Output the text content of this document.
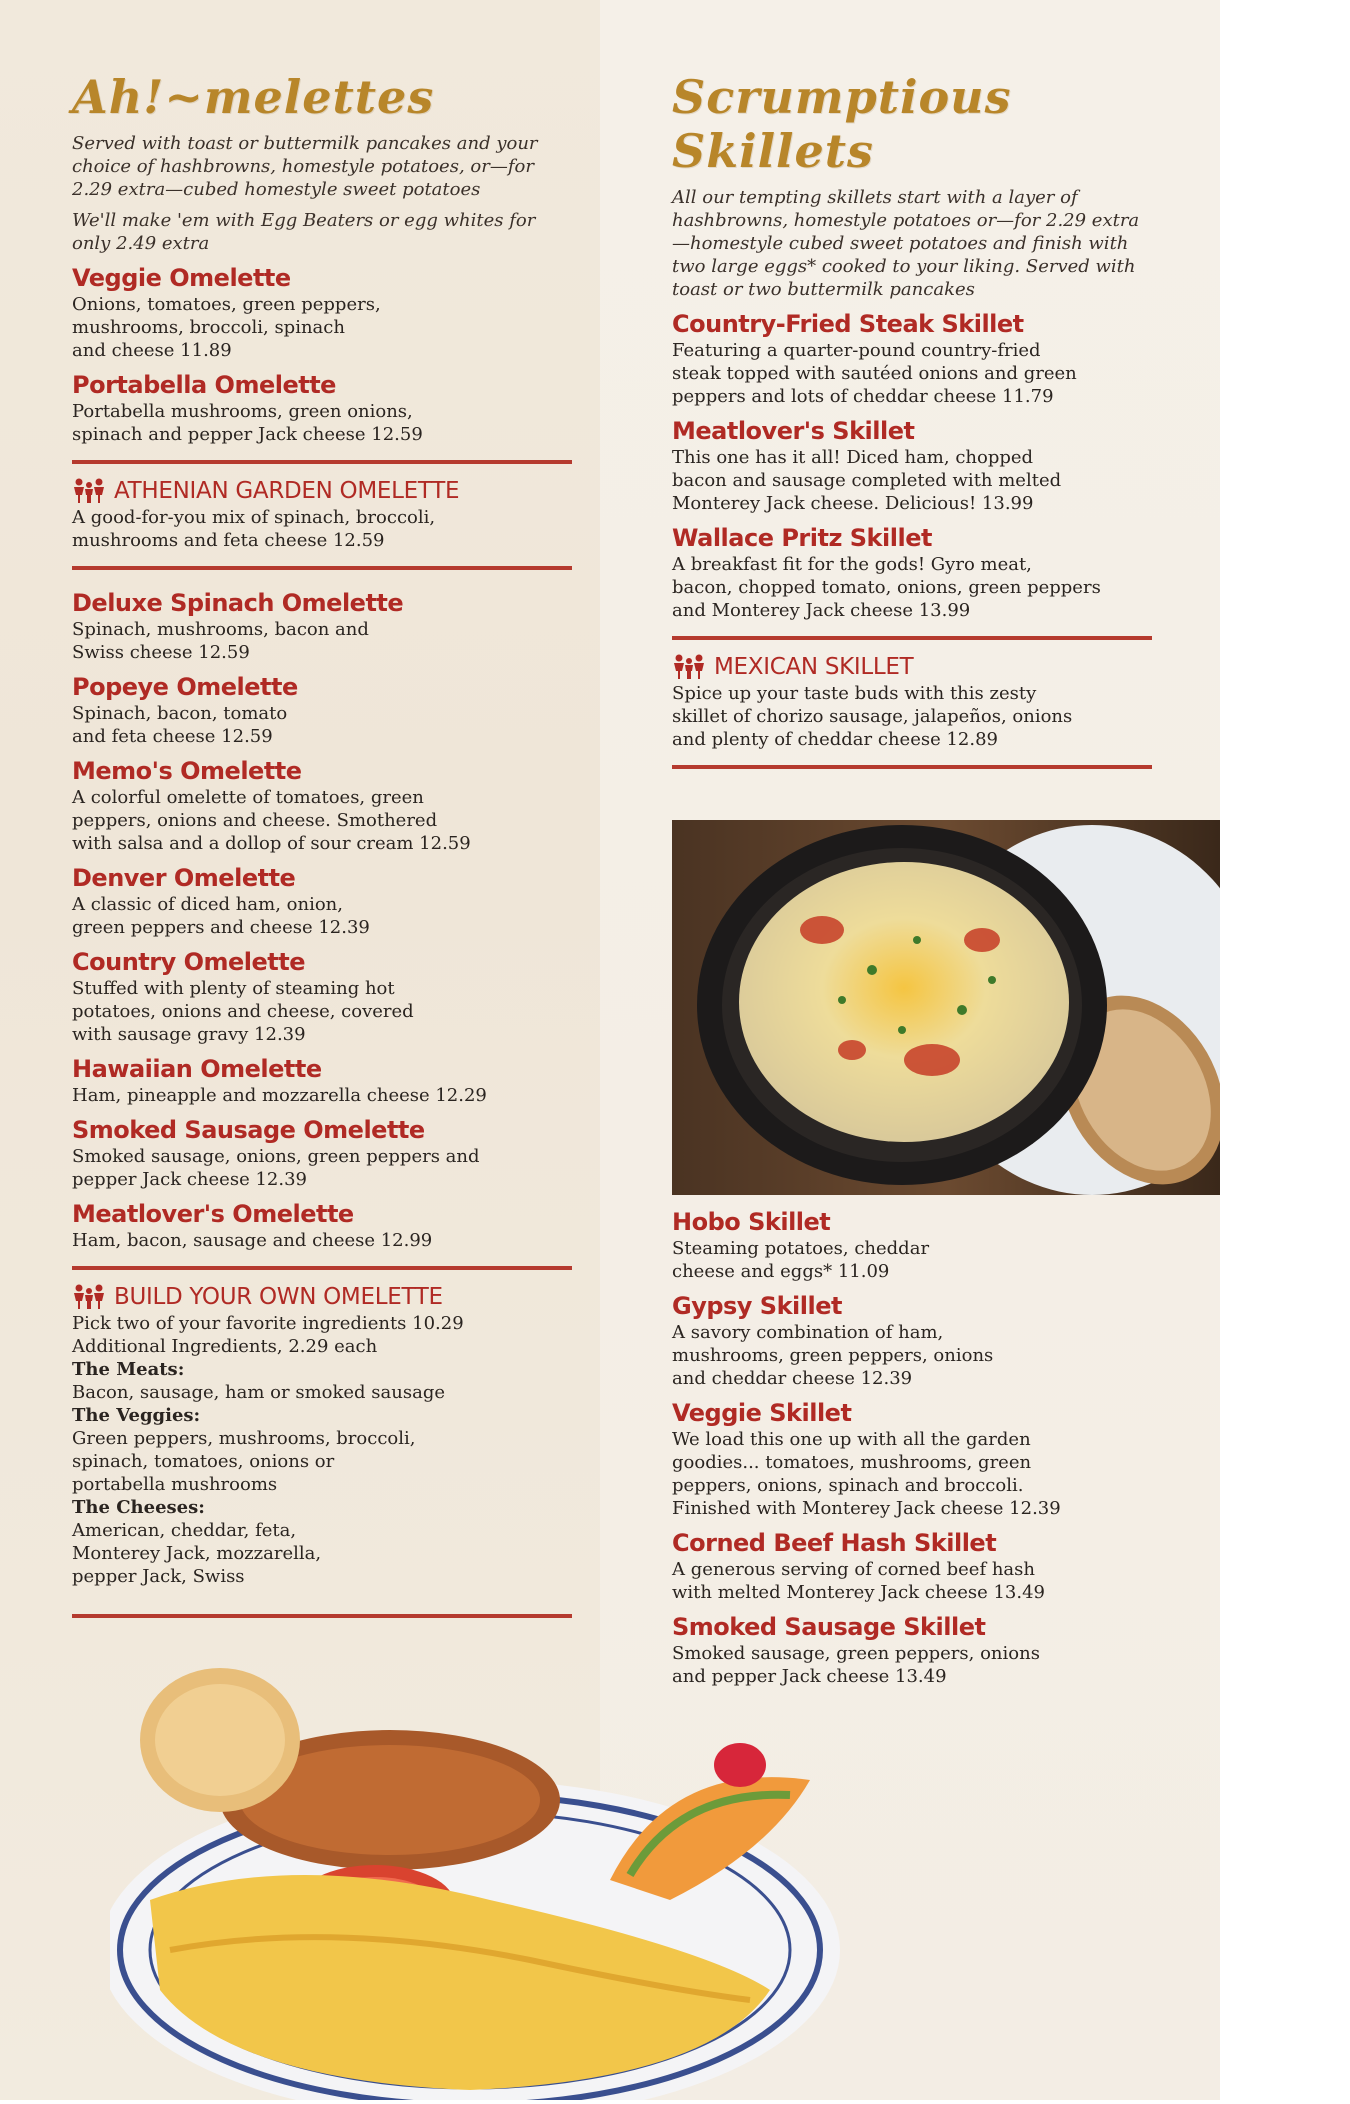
Ah!~melettes

Served with toast or buttermilk pancakes and your choice of hashbrowns, homestyle potatoes, or—for 2.29 extra—cubed homestyle sweet potatoes

We'll make 'em with Egg Beaters or egg whites for only 2.49 extra

Veggie Omelette
Onions, tomatoes, green peppers,
mushrooms, broccoli, spinach
and cheese 11.89
Portabella Omelette
Portabella mushrooms, green onions,
spinach and pepper Jack cheese 12.59
ATHENIAN GARDEN OMELETTE
A good-for-you mix of spinach, broccoli,
mushrooms and feta cheese 12.59
Deluxe Spinach Omelette
Spinach, mushrooms, bacon and
Swiss cheese 12.59
Popeye Omelette
Spinach, bacon, tomato
and feta cheese 12.59
Memo's Omelette
A colorful omelette of tomatoes, green
peppers, onions and cheese. Smothered
with salsa and a dollop of sour cream 12.59
Denver Omelette
A classic of diced ham, onion,
green peppers and cheese 12.39
Country Omelette
Stuffed with plenty of steaming hot
potatoes, onions and cheese, covered
with sausage gravy 12.39
Hawaiian Omelette
Ham, pineapple and mozzarella cheese 12.29
Smoked Sausage Omelette
Smoked sausage, onions, green peppers and
pepper Jack cheese 12.39
Meatlover's Omelette
Ham, bacon, sausage and cheese 12.99
BUILD YOUR OWN OMELETTE
Pick two of your favorite ingredients 10.29
Additional Ingredients, 2.29 each
The Meats:
Bacon, sausage, ham or smoked sausage
The Veggies:
Green peppers, mushrooms, broccoli,
spinach, tomatoes, onions or
portabella mushrooms
The Cheeses:
American, cheddar, feta,
Monterey Jack, mozzarella,
pepper Jack, Swiss
Scrumptious
Skillets

All our tempting skillets start with a layer of hashbrowns, homestyle potatoes or—for 2.29 extra—homestyle cubed sweet potatoes and finish with two large eggs* cooked to your liking. Served with toast or two buttermilk pancakes

Country-Fried Steak Skillet
Featuring a quarter-pound country-fried
steak topped with sautéed onions and green
peppers and lots of cheddar cheese 11.79
Meatlover's Skillet
This one has it all! Diced ham, chopped
bacon and sausage completed with melted
Monterey Jack cheese. Delicious! 13.99
Wallace Pritz Skillet
A breakfast fit for the gods! Gyro meat,
bacon, chopped tomato, onions, green peppers
and Monterey Jack cheese 13.99
MEXICAN SKILLET
Spice up your taste buds with this zesty
skillet of chorizo sausage, jalapeños, onions
and plenty of cheddar cheese 12.89
Hobo Skillet
Steaming potatoes, cheddar
cheese and eggs* 11.09
Gypsy Skillet
A savory combination of ham,
mushrooms, green peppers, onions
and cheddar cheese 12.39
Veggie Skillet
We load this one up with all the garden
goodies... tomatoes, mushrooms, green
peppers, onions, spinach and broccoli.
Finished with Monterey Jack cheese 12.39
Corned Beef Hash Skillet
A generous serving of corned beef hash
with melted Monterey Jack cheese 13.49
Smoked Sausage Skillet
Smoked sausage, green peppers, onions
and pepper Jack cheese 13.49
